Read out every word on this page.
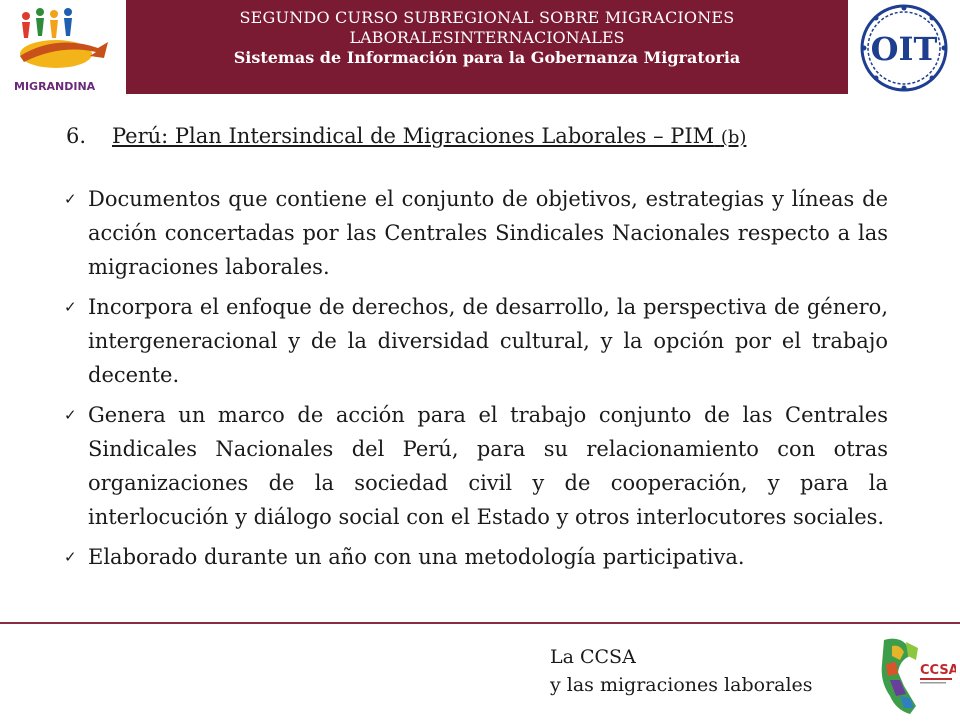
MIGRANDINA
SEGUNDO CURSO SUBREGIONAL SOBRE MIGRACIONES
LABORALESINTERNACIONALES
Sistemas de Información para la Gobernanza Migratoria	OIT
6. Perú: Plan Intersindical de Migraciones Laborales – PIM (b)
✓ Documentos que contiene el conjunto de objetivos, estrategias y líneas de acción concertadas por las Centrales Sindicales Nacionales respecto a las migraciones laborales.
✓ Incorpora el enfoque de derechos, de desarrollo, la perspectiva de género, intergeneracional y de la diversidad cultural, y la opción por el trabajo decente.
✓ Genera un marco de acción para el trabajo conjunto de las Centrales Sindicales Nacionales del Perú, para su relacionamiento con otras organizaciones de la sociedad civil y de cooperación, y para la interlocución y diálogo social con el Estado y otros interlocutores sociales.
✓ Elaborado durante un año con una metodología participativa.
La CCSA
y las migraciones laborales
CCSA
